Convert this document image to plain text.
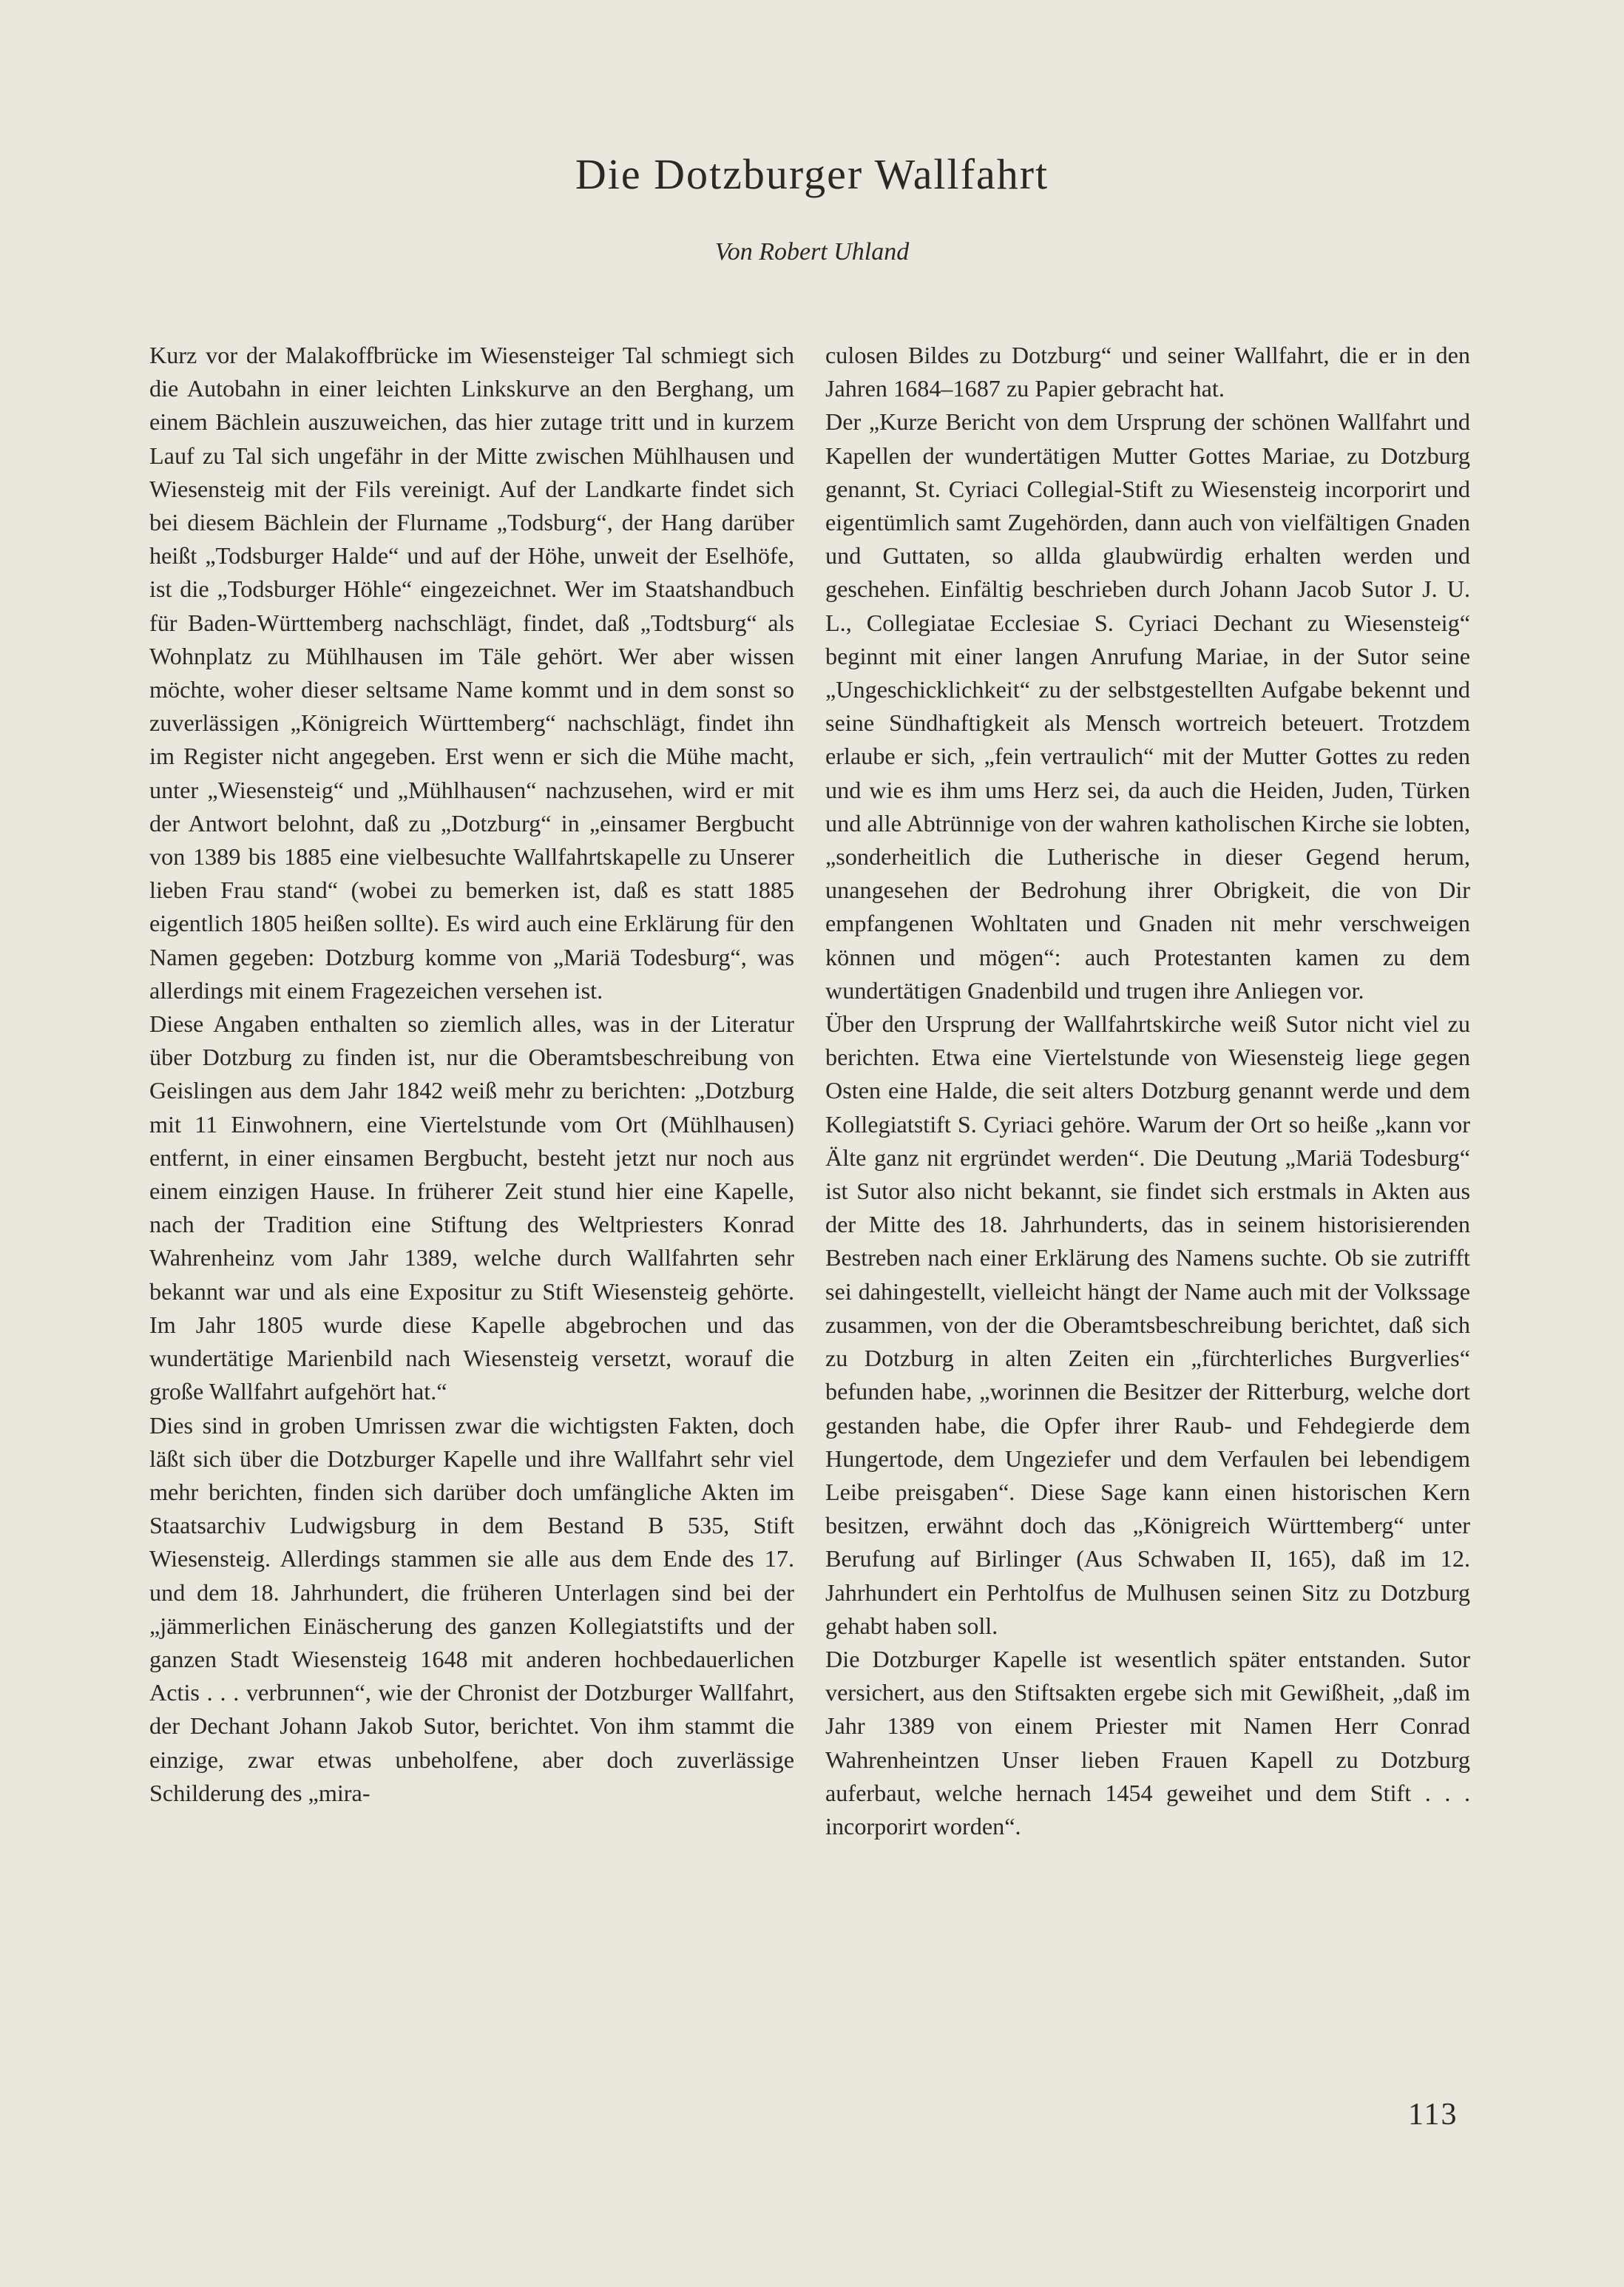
Die Dotzburger Wallfahrt
Von Robert Uhland

Kurz vor der Malakoffbrücke im Wiesensteiger Tal schmiegt sich die Autobahn in einer leichten Linkskurve an den Berghang, um einem Bächlein auszuweichen, das hier zutage tritt und in kurzem Lauf zu Tal sich ungefähr in der Mitte zwischen Mühlhausen und Wiesensteig mit der Fils vereinigt. Auf der Landkarte findet sich bei diesem Bächlein der Flurname „Todsburg“, der Hang darüber heißt „Todsburger Halde“ und auf der Höhe, unweit der Eselhöfe, ist die „Todsburger Höhle“ eingezeichnet. Wer im Staatshandbuch für Baden-Württemberg nachschlägt, findet, daß „Todtsburg“ als Wohnplatz zu Mühlhausen im Täle gehört. Wer aber wissen möchte, woher dieser seltsame Name kommt und in dem sonst so zuverlässigen „Königreich Württemberg“ nachschlägt, findet ihn im Register nicht angegeben. Erst wenn er sich die Mühe macht, unter „Wiesensteig“ und „Mühlhausen“ nachzusehen, wird er mit der Antwort belohnt, daß zu „Dotzburg“ in „einsamer Bergbucht von 1389 bis 1885 eine vielbesuchte Wallfahrtskapelle zu Unserer lieben Frau stand“ (wobei zu bemerken ist, daß es statt 1885 eigentlich 1805 heißen sollte). Es wird auch eine Erklärung für den Namen gegeben: Dotzburg komme von „Mariä Todesburg“, was allerdings mit einem Fragezeichen versehen ist.

Diese Angaben enthalten so ziemlich alles, was in der Literatur über Dotzburg zu finden ist, nur die Oberamtsbeschreibung von Geislingen aus dem Jahr 1842 weiß mehr zu berichten: „Dotzburg mit 11 Einwohnern, eine Viertelstunde vom Ort (Mühlhausen) entfernt, in einer einsamen Bergbucht, besteht jetzt nur noch aus einem einzigen Hause. In früherer Zeit stund hier eine Kapelle, nach der Tradition eine Stiftung des Weltpriesters Konrad Wahrenheinz vom Jahr 1389, welche durch Wallfahrten sehr bekannt war und als eine Expositur zu Stift Wiesensteig gehörte. Im Jahr 1805 wurde diese Kapelle abgebrochen und das wundertätige Marienbild nach Wiesensteig versetzt, worauf die große Wallfahrt aufgehört hat.“

Dies sind in groben Umrissen zwar die wichtigsten Fakten, doch läßt sich über die Dotzburger Kapelle und ihre Wallfahrt sehr viel mehr berichten, finden sich darüber doch umfängliche Akten im Staatsarchiv Ludwigsburg in dem Bestand B 535, Stift Wiesensteig. Allerdings stammen sie alle aus dem Ende des 17. und dem 18. Jahrhundert, die früheren Unterlagen sind bei der „jämmerlichen Einäscherung des ganzen Kollegiatstifts und der ganzen Stadt Wiesensteig 1648 mit anderen hochbedauerlichen Actis . . . verbrunnen“, wie der Chronist der Dotzburger Wallfahrt, der Dechant Johann Jakob Sutor, berichtet. Von ihm stammt die einzige, zwar etwas unbeholfene, aber doch zuverlässige Schilderung des „mira-

culosen Bildes zu Dotzburg“ und seiner Wallfahrt, die er in den Jahren 1684–1687 zu Papier gebracht hat.

Der „Kurze Bericht von dem Ursprung der schönen Wallfahrt und Kapellen der wundertätigen Mutter Gottes Mariae, zu Dotzburg genannt, St. Cyriaci Collegial-Stift zu Wiesensteig incorporirt und eigentümlich samt Zugehörden, dann auch von vielfältigen Gnaden und Guttaten, so allda glaubwürdig erhalten werden und geschehen. Einfältig beschrieben durch Johann Jacob Sutor J. U. L., Collegiatae Ecclesiae S. Cyriaci Dechant zu Wiesensteig“ beginnt mit einer langen Anrufung Mariae, in der Sutor seine „Ungeschicklichkeit“ zu der selbstgestellten Aufgabe bekennt und seine Sündhaftigkeit als Mensch wortreich beteuert. Trotzdem erlaube er sich, „fein vertraulich“ mit der Mutter Gottes zu reden und wie es ihm ums Herz sei, da auch die Heiden, Juden, Türken und alle Abtrünnige von der wahren katholischen Kirche sie lobten, „sonderheitlich die Lutherische in dieser Gegend herum, unangesehen der Bedrohung ihrer Obrigkeit, die von Dir empfangenen Wohltaten und Gnaden nit mehr verschweigen können und mögen“: auch Protestanten kamen zu dem wundertätigen Gnadenbild und trugen ihre Anliegen vor.

Über den Ursprung der Wallfahrtskirche weiß Sutor nicht viel zu berichten. Etwa eine Viertelstunde von Wiesensteig liege gegen Osten eine Halde, die seit alters Dotzburg genannt werde und dem Kollegiatstift S. Cyriaci gehöre. Warum der Ort so heiße „kann vor Älte ganz nit ergründet werden“. Die Deutung „Mariä Todesburg“ ist Sutor also nicht bekannt, sie findet sich erstmals in Akten aus der Mitte des 18. Jahrhunderts, das in seinem historisierenden Bestreben nach einer Erklärung des Namens suchte. Ob sie zutrifft sei dahingestellt, vielleicht hängt der Name auch mit der Volkssage zusammen, von der die Oberamtsbeschreibung berichtet, daß sich zu Dotzburg in alten Zeiten ein „fürchterliches Burgverlies“ befunden habe, „worinnen die Besitzer der Ritterburg, welche dort gestanden habe, die Opfer ihrer Raub- und Fehdegierde dem Hungertode, dem Ungeziefer und dem Verfaulen bei lebendigem Leibe preisgaben“. Diese Sage kann einen historischen Kern besitzen, erwähnt doch das „Königreich Württemberg“ unter Berufung auf Birlinger (Aus Schwaben II, 165), daß im 12. Jahrhundert ein Perhtolfus de Mulhusen seinen Sitz zu Dotzburg gehabt haben soll.

Die Dotzburger Kapelle ist wesentlich später entstanden. Sutor versichert, aus den Stiftsakten ergebe sich mit Gewißheit, „daß im Jahr 1389 von einem Priester mit Namen Herr Conrad Wahrenheintzen Unser lieben Frauen Kapell zu Dotzburg auferbaut, welche hernach 1454 geweihet und dem Stift . . . incorporirt worden“.

113
